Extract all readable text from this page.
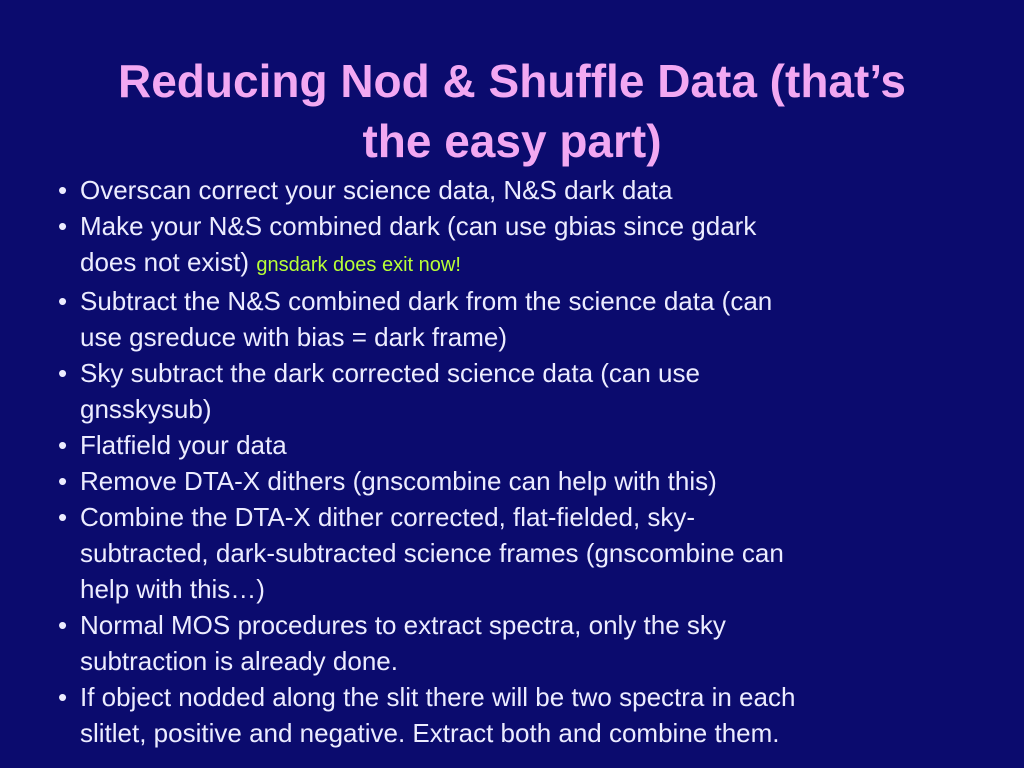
Reducing Nod & Shuffle Data (that’s
the easy part)
• Overscan correct your science data, N&S dark data
• Make your N&S combined dark (can use gbias since gdark
does not exist) gnsdark does exit now!
• Subtract the N&S combined dark from the science data (can
use gsreduce with bias = dark frame)
• Sky subtract the dark corrected science data (can use
gnsskysub)
• Flatfield your data
• Remove DTA-X dithers (gnscombine can help with this)
• Combine the DTA-X dither corrected, flat-fielded, sky-
subtracted, dark-subtracted science frames (gnscombine can
help with this…)
• Normal MOS procedures to extract spectra, only the sky
subtraction is already done.
• If object nodded along the slit there will be two spectra in each
slitlet, positive and negative. Extract both and combine them.
